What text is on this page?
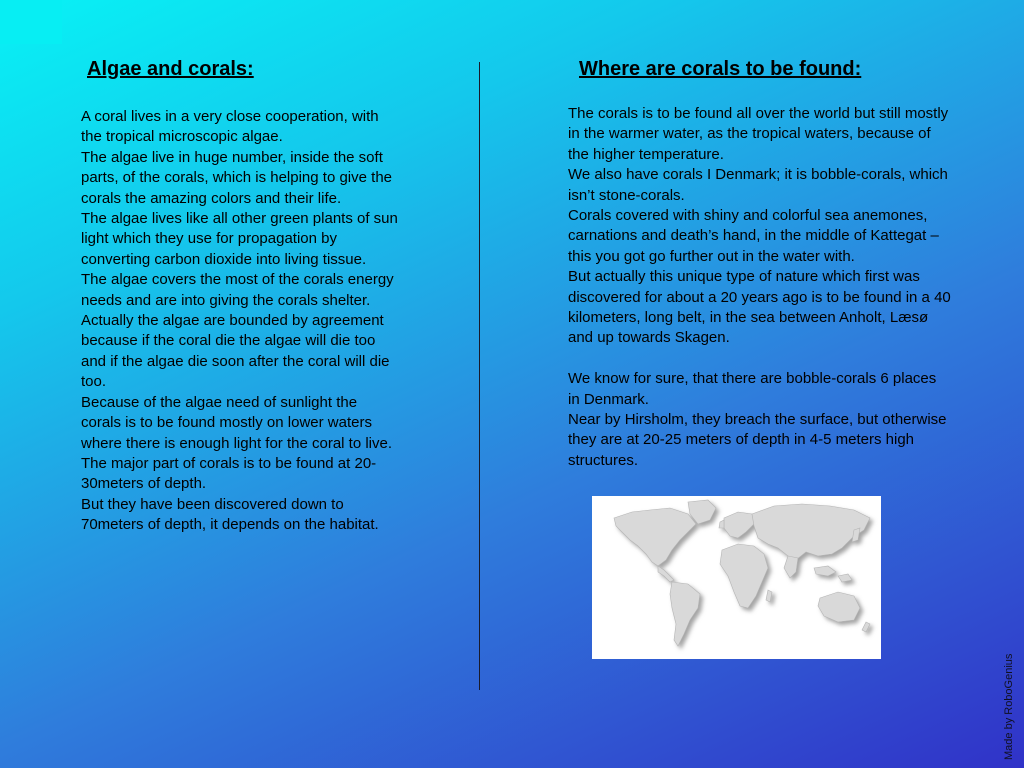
Algae and corals:

A coral lives in a very close cooperation, with the tropical microscopic algae.

The algae live in huge number, inside the soft parts, of the corals, which is helping to give the corals the amazing colors and their life.

The algae lives like all other green plants of sun light which they use for propagation by converting carbon dioxide into living tissue.

The algae covers the most of the corals energy needs and are into giving the corals shelter.

Actually the algae are bounded by agreement because if the coral die the algae will die too and if the algae die soon after the coral will die too.

Because of the algae need of sunlight the corals is to be found mostly on lower waters where there is enough light for the coral to live.

The major part of corals is to be found at 20-30meters of depth.

But they have been discovered down to 70meters of depth, it depends on the habitat.

Where are corals to be found:

The corals is to be found all over the world but still mostly in the warmer water, as the tropical waters, because of the higher temperature.

We also have corals I Denmark; it is bobble-corals, which isn’t stone-corals.

Corals covered with shiny and colorful sea anemones, carnations and death’s hand, in the middle of Kattegat – this you got go further out in the water with.

But actually this unique type of nature which first was discovered for about a 20 years ago is to be found in a 40 kilometers, long belt, in the sea between Anholt, Læsø and up towards Skagen.

We know for sure, that there are bobble-corals 6 places in Denmark.

Near by Hirsholm, they breach the surface, but otherwise they are at 20-25 meters of depth in 4-5 meters high structures.

Made by RoboGenius
